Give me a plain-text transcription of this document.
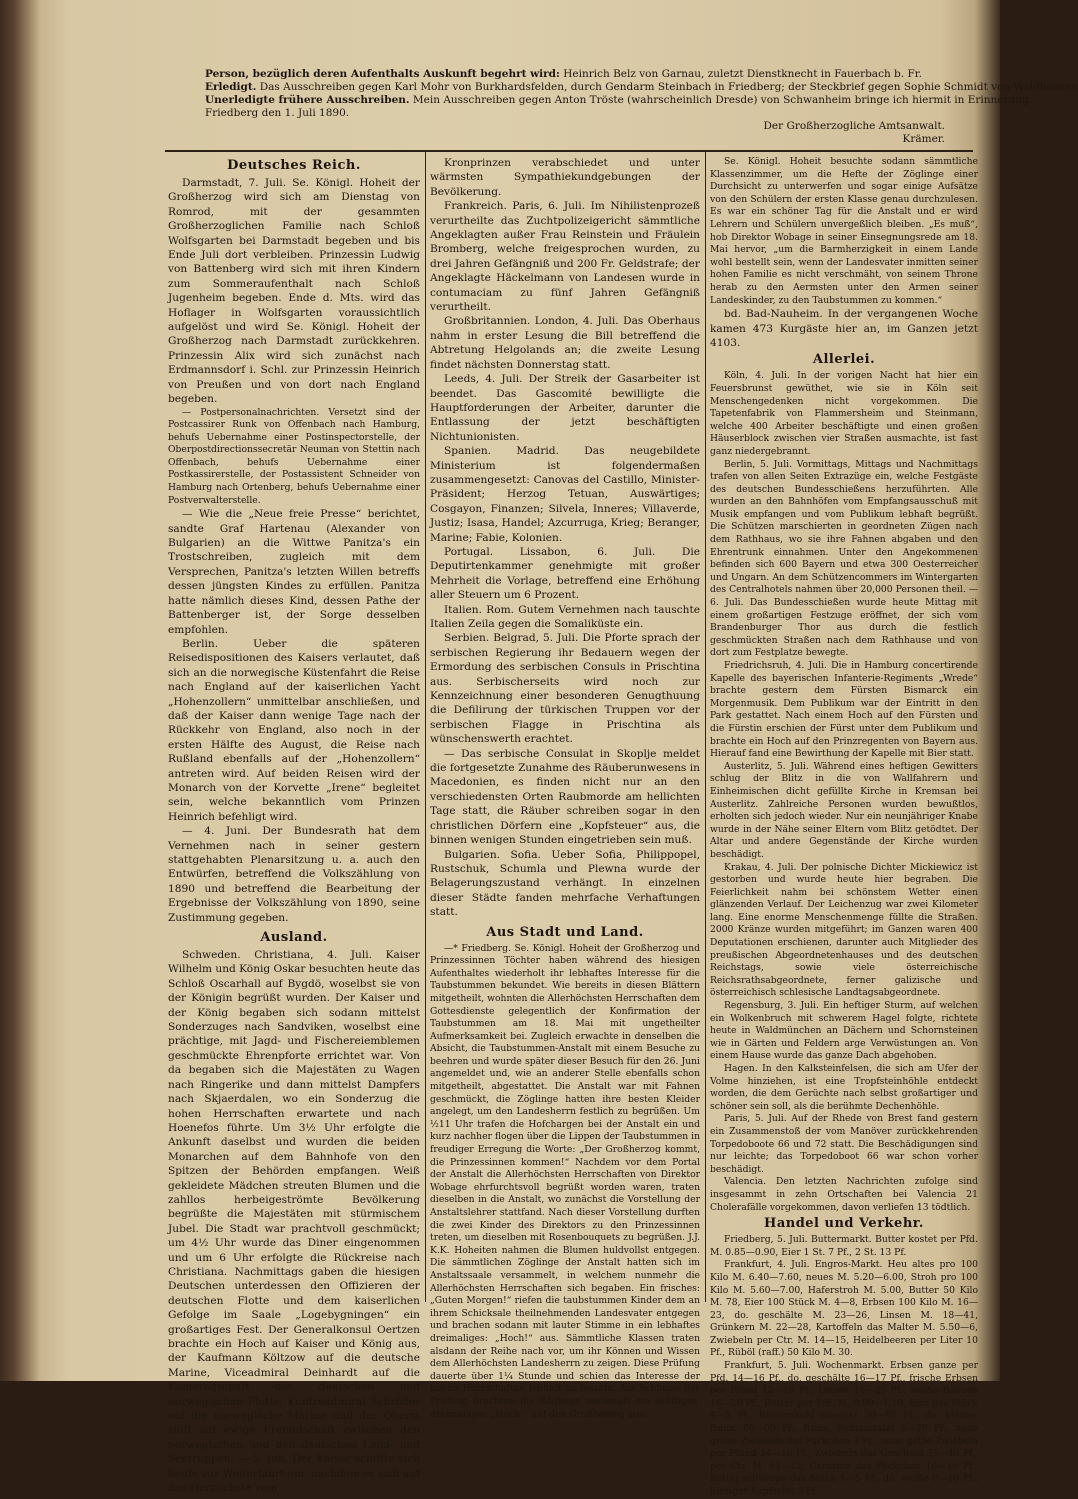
Person, bezüglich deren Aufenthalts Auskunft begehrt wird: Heinrich Belz von Garnau, zuletzt Dienstknecht in Fauerbach b. Fr.

Erledigt. Das Ausschreiben gegen Karl Mohr von Burkhardsfelden, durch Gendarm Steinbach in Friedberg; der Steckbrief gegen Sophie Schmidt von Waldhausen

Unerledigte frühere Ausschreiben. Mein Ausschreiben gegen Anton Tröste (wahrscheinlich Dresde) von Schwanheim bringe ich hiermit in Erinnerung.

Friedberg den 1. Juli 1890.

Der Großherzogliche Amtsanwalt.

Krämer.

Deutsches Reich.

Darmstadt, 7. Juli. Se. Königl. Hoheit der Großherzog wird sich am Dienstag von Romrod, mit der gesammten Großherzoglichen Familie nach Schloß Wolfsgarten bei Darmstadt begeben und bis Ende Juli dort verbleiben. Prinzessin Ludwig von Battenberg wird sich mit ihren Kindern zum Sommeraufenthalt nach Schloß Jugenheim begeben. Ende d. Mts. wird das Hoflager in Wolfsgarten voraussichtlich aufgelöst und wird Se. Königl. Hoheit der Großherzog nach Darmstadt zurückkehren. Prinzessin Alix wird sich zunächst nach Erdmannsdorf i. Schl. zur Prinzessin Heinrich von Preußen und von dort nach England begeben.

— Postpersonalnachrichten. Versetzt sind der Postcassirer Runk von Offenbach nach Hamburg, behufs Uebernahme einer Postinspectorstelle, der Oberpostdirectionssecretär Neuman von Stettin nach Offenbach, behufs Uebernahme einer Postkassirerstelle, der Postassistent Schneider von Hamburg nach Ortenberg, behufs Uebernahme einer Postverwalterstelle.

— Wie die „Neue freie Presse“ berichtet, sandte Graf Hartenau (Alexander von Bulgarien) an die Wittwe Panitza's ein Trostschreiben, zugleich mit dem Versprechen, Panitza's letzten Willen betreffs dessen jüngsten Kindes zu erfüllen. Panitza hatte nämlich dieses Kind, dessen Pathe der Battenberger ist, der Sorge desselben empfohlen.

Berlin. Ueber die späteren Reisedispositionen des Kaisers verlautet, daß sich an die norwegische Küstenfahrt die Reise nach England auf der kaiserlichen Yacht „Hohenzollern“ unmittelbar anschließen, und daß der Kaiser dann wenige Tage nach der Rückkehr von England, also noch in der ersten Hälfte des August, die Reise nach Rußland ebenfalls auf der „Hohenzollern“ antreten wird. Auf beiden Reisen wird der Monarch von der Korvette „Irene“ begleitet sein, welche bekanntlich vom Prinzen Heinrich befehligt wird.

— 4. Juni. Der Bundesrath hat dem Vernehmen nach in seiner gestern stattgehabten Plenarsitzung u. a. auch den Entwürfen, betreffend die Volkszählung von 1890 und betreffend die Bearbeitung der Ergebnisse der Volkszählung von 1890, seine Zustimmung gegeben.

Ausland.

Schweden. Christiana, 4. Juli. Kaiser Wilhelm und König Oskar besuchten heute das Schloß Oscarhall auf Bygdö, woselbst sie von der Königin begrüßt wurden. Der Kaiser und der König begaben sich sodann mittelst Sonderzuges nach Sandviken, woselbst eine prächtige, mit Jagd- und Fischereiemblemen geschmückte Ehrenpforte errichtet war. Von da begaben sich die Majestäten zu Wagen nach Ringerike und dann mittelst Dampfers nach Skjaerdalen, wo ein Sonderzug die hohen Herrschaften erwartete und nach Hoenefos führte. Um 3½ Uhr erfolgte die Ankunft daselbst und wurden die beiden Monarchen auf dem Bahnhofe von den Spitzen der Behörden empfangen. Weiß gekleidete Mädchen streuten Blumen und die zahllos herbeigeströmte Bevölkerung begrüßte die Majestäten mit stürmischem Jubel. Die Stadt war prachtvoll geschmückt; um 4½ Uhr wurde das Diner eingenommen und um 6 Uhr erfolgte die Rückreise nach Christiana. Nachmittags gaben die hiesigen Deutschen unterdessen den Offizieren der deutschen Flotte und dem kaiserlichen Gefolge im Saale „Logebygningen“ ein großartiges Fest. Der Generalkonsul Oertzen brachte ein Hoch auf Kaiser und König aus, der Kaufmann Költzow auf die deutsche Marine, Viceadmiral Deinhardt auf die Kameradschaft der deutschen und norwegischen Flotte, Kontreadmiral Schröder auf die norwegische Marine und der Oberst Hoff auf ewige Freundschaft zwischen den norwegischen und den deutschen Land- und Seetruppen. — 5. Juli. Der Kaiser schiffte sich heute zur Weiterfahrt ein, nachdem er sich auf das Herzlichste vom

Kronprinzen verabschiedet und unter wärmsten Sympathiekundgebungen der Bevölkerung.

Frankreich. Paris, 6. Juli. Im Nihilistenprozeß verurtheilte das Zuchtpolizeigericht sämmtliche Angeklagten außer Frau Reinstein und Fräulein Bromberg, welche freigesprochen wurden, zu drei Jahren Gefängniß und 200 Fr. Geldstrafe; der Angeklagte Häckelmann von Landesen wurde in contumaciam zu fünf Jahren Gefängniß verurtheilt.

Großbritannien. London, 4. Juli. Das Oberhaus nahm in erster Lesung die Bill betreffend die Abtretung Helgolands an; die zweite Lesung findet nächsten Donnerstag statt.

Leeds, 4. Juli. Der Streik der Gasarbeiter ist beendet. Das Gascomité bewilligte die Hauptforderungen der Arbeiter, darunter die Entlassung der jetzt beschäftigten Nichtunionisten.

Spanien. Madrid. Das neugebildete Ministerium ist folgendermaßen zusammengesetzt: Canovas del Castillo, Minister-Präsident; Herzog Tetuan, Auswärtiges; Cosgayon, Finanzen; Silvela, Inneres; Villaverde, Justiz; Isasa, Handel; Azcurruga, Krieg; Beranger, Marine; Fabie, Kolonien.

Portugal. Lissabon, 6. Juli. Die Deputirtenkammer genehmigte mit großer Mehrheit die Vorlage, betreffend eine Erhöhung aller Steuern um 6 Prozent.

Italien. Rom. Gutem Vernehmen nach tauschte Italien Zeila gegen die Somaliküste ein.

Serbien. Belgrad, 5. Juli. Die Pforte sprach der serbischen Regierung ihr Bedauern wegen der Ermordung des serbischen Consuls in Prischtina aus. Serbischerseits wird noch zur Kennzeichnung einer besonderen Genugthuung die Defilirung der türkischen Truppen vor der serbischen Flagge in Prischtina als wünschenswerth erachtet.

— Das serbische Consulat in Skoplje meldet die fortgesetzte Zunahme des Räuberunwesens in Macedonien, es finden nicht nur an den verschiedensten Orten Raubmorde am hellichten Tage statt, die Räuber schreiben sogar in den christlichen Dörfern eine „Kopfsteuer“ aus, die binnen wenigen Stunden eingetrieben sein muß.

Bulgarien. Sofia. Ueber Sofia, Philippopel, Rustschuk, Schumla und Plewna wurde der Belagerungszustand verhängt. In einzelnen dieser Städte fanden mehrfache Verhaftungen statt.

Aus Stadt und Land.

—* Friedberg. Se. Königl. Hoheit der Großherzog und Prinzessinnen Töchter haben während des hiesigen Aufenthaltes wiederholt ihr lebhaftes Interesse für die Taubstummen bekundet. Wie bereits in diesen Blättern mitgetheilt, wohnten die Allerhöchsten Herrschaften dem Gottesdienste gelegentlich der Konfirmation der Taubstummen am 18. Mai mit ungetheilter Aufmerksamkeit bei. Zugleich erwachte in denselben die Absicht, die Taubstummen-Anstalt mit einem Besuche zu beehren und wurde später dieser Besuch für den 26. Juni angemeldet und, wie an anderer Stelle ebenfalls schon mitgetheilt, abgestattet. Die Anstalt war mit Fahnen geschmückt, die Zöglinge hatten ihre besten Kleider angelegt, um den Landesherrn festlich zu begrüßen. Um ½11 Uhr trafen die Hofchargen bei der Anstalt ein und kurz nachher flogen über die Lippen der Taubstummen in freudiger Erregung die Worte: „Der Großherzog kommt, die Prinzessinnen kommen!“ Nachdem vor dem Portal der Anstalt die Allerhöchsten Herrschaften von Direktor Wobage ehrfurchtsvoll begrüßt worden waren, traten dieselben in die Anstalt, wo zunächst die Vorstellung der Anstaltslehrer stattfand. Nach dieser Vorstellung durften die zwei Kinder des Direktors zu den Prinzessinnen treten, um dieselben mit Rosenbouquets zu begrüßen. J.J. K.K. Hoheiten nahmen die Blumen huldvollst entgegen. Die sämmtlichen Zöglinge der Anstalt hatten sich im Anstaltssaale versammelt, in welchem nunmehr die Allerhöchsten Herrschaften sich begaben. Ein frisches: „Guten Morgen!“ riefen die taubstummen Kinder dem an ihrem Schicksale theilnehmenden Landesvater entgegen und brachen sodann mit lauter Stimme in ein lebhaftes dreimaliges: „Hoch!“ aus. Sämmtliche Klassen traten alsdann der Reihe nach vor, um ihr Können und Wissen dem Allerhöchsten Landesherrn zu zeigen. Diese Prüfung dauerte über 1¼ Stunde und schien das Interesse der hohen Herrschaften lebhaft zu fesseln. Am Schlusse der Prüfung brachten die Zöglinge nochmals ein kräftiges, dreimaliges: „Hoch!“ auf den Großherzog aus.

Se. Königl. Hoheit besuchte sodann sämmtliche Klassenzimmer, um die Hefte der Zöglinge einer Durchsicht zu unterwerfen und sogar einige Aufsätze von den Schülern der ersten Klasse genau durchzulesen. Es war ein schöner Tag für die Anstalt und er wird Lehrern und Schülern unvergeßlich bleiben. „Es muß“, hob Direktor Wobage in seiner Einsegnungsrede am 18. Mai hervor, „um die Barmherzigkeit in einem Lande wohl bestellt sein, wenn der Landesvater inmitten seiner hohen Familie es nicht verschmäht, von seinem Throne herab zu den Aermsten unter den Armen seiner Landeskinder, zu den Taubstummen zu kommen.“

bd. Bad-Nauheim. In der vergangenen Woche kamen 473 Kurgäste hier an, im Ganzen jetzt 4103.

Allerlei.

Köln, 4. Juli. In der vorigen Nacht hat hier ein Feuersbrunst gewüthet, wie sie in Köln seit Menschengedenken nicht vorgekommen. Die Tapetenfabrik von Flammersheim und Steinmann, welche 400 Arbeiter beschäftigte und einen großen Häuserblock zwischen vier Straßen ausmachte, ist fast ganz niedergebrannt.

Berlin, 5. Juli. Vormittags, Mittags und Nachmittags trafen von allen Seiten Extrazüge ein, welche Festgäste des deutschen Bundesschießens herzuführten. Alle wurden an den Bahnhöfen vom Empfangsausschuß mit Musik empfangen und vom Publikum lebhaft begrüßt. Die Schützen marschierten in geordneten Zügen nach dem Rathhaus, wo sie ihre Fahnen abgaben und den Ehrentrunk einnahmen. Unter den Angekommenen befinden sich 600 Bayern und etwa 300 Oesterreicher und Ungarn. An dem Schützencommers im Wintergarten des Centralhotels nahmen über 20,000 Personen theil. — 6. Juli. Das Bundesschießen wurde heute Mittag mit einem großartigen Festzuge eröffnet, der sich vom Brandenburger Thor aus durch die festlich geschmückten Straßen nach dem Rathhause und von dort zum Festplatze bewegte.

Friedrichsruh, 4. Juli. Die in Hamburg concertirende Kapelle des bayerischen Infanterie-Regiments „Wrede“ brachte gestern dem Fürsten Bismarck ein Morgenmusik. Dem Publikum war der Eintritt in den Park gestattet. Nach einem Hoch auf den Fürsten und die Fürstin erschien der Fürst unter dem Publikum und brachte ein Hoch auf den Prinzregenten von Bayern aus. Hierauf fand eine Bewirthung der Kapelle mit Bier statt.

Austerlitz, 5. Juli. Während eines heftigen Gewitters schlug der Blitz in die von Wallfahrern und Einheimischen dicht gefüllte Kirche in Kremsan bei Austerlitz. Zahlreiche Personen wurden bewußtlos, erholten sich jedoch wieder. Nur ein neunjähriger Knabe wurde in der Nähe seiner Eltern vom Blitz getödtet. Der Altar und andere Gegenstände der Kirche wurden beschädigt.

Krakau, 4. Juli. Der polnische Dichter Mickiewicz ist gestorben und wurde heute hier begraben. Die Feierlichkeit nahm bei schönstem Wetter einen glänzenden Verlauf. Der Leichenzug war zwei Kilometer lang. Eine enorme Menschenmenge füllte die Straßen. 2000 Kränze wurden mitgeführt; im Ganzen waren 400 Deputationen erschienen, darunter auch Mitglieder des preußischen Abgeordnetenhauses und des deutschen Reichstags, sowie viele österreichische Reichsrathsabgeordnete, ferner galizische und österreichisch schlesische Landtagsabgeordnete.

Regensburg, 3. Juli. Ein heftiger Sturm, auf welchen ein Wolkenbruch mit schwerem Hagel folgte, richtete heute in Waldmünchen an Dächern und Schornsteinen wie in Gärten und Feldern arge Verwüstungen an. Von einem Hause wurde das ganze Dach abgehoben.

Hagen. In den Kalksteinfelsen, die sich am Ufer der Volme hinziehen, ist eine Tropfsteinhöhle entdeckt worden, die dem Gerüchte nach selbst großartiger und schöner sein soll, als die berühmte Dechenhöhle.

Paris, 5. Juli. Auf der Rhede von Brest fand gestern ein Zusammenstoß der vom Manöver zurückkehrenden Torpedoboote 66 und 72 statt. Die Beschädigungen sind nur leichte; das Torpedoboot 66 war schon vorher beschädigt.

Valencia. Den letzten Nachrichten zufolge sind insgesammt in zehn Ortschaften bei Valencia 21 Cholerafälle vorgekommen, davon verliefen 13 tödtlich.

Handel und Verkehr.

Friedberg, 5. Juli. Buttermarkt. Butter kostet per Pfd. M. 0.85—0.90, Eier 1 St. 7 Pf., 2 St. 13 Pf.

Frankfurt, 4. Juli. Engros-Markt. Heu altes pro 100 Kilo M. 6.40—7.60, neues M. 5.20—6.00, Stroh pro 100 Kilo M. 5.60—7.00, Haferstroh M. 5.00, Butter 50 Kilo M. 78, Eier 100 Stück M. 4—8, Erbsen 100 Kilo M. 16—23, do. geschälte M. 23—26, Linsen M. 18—41, Grünkern M. 22—28, Kartoffeln das Malter M. 5.50—6, Zwiebeln per Ctr. M. 14—15, Heidelbeeren per Liter 10 Pf., Rüböl (raff.) 50 Kilo M. 30.

Frankfurt, 5. Juli. Wochenmarkt. Erbsen ganze per Pfd. 14—16 Pf., do. geschälte 16—17 Pf., frische Erbsen per Pfund 12—18 Pf., Linsen 15—25 Pf., weiße Bohnen 16—20 Pf., Butter per Pfd. M. 0.90—1.10, Eier das Stück 4—8 Pf., Blumenkohl hiesiger 30—60 Pf., do. kleiner franz. 00—00 Pf., franz. Romainsalat 6—20 Pf., neue grüne Zwiebeln das Päckchen 3 Pf., neue gelbe Zwiebeln per Pfund 14—16 Pf., Zwiebeln das Gescheid 35—40 Pf., per Ctr. M. 11—12, Carotten das Päckchen 10—15 Pf., Rettig schwarze das Stück 4—5 Pf., do. weiße 8—10 Pf., hiesiger Kopfsalat 3 Pf.
